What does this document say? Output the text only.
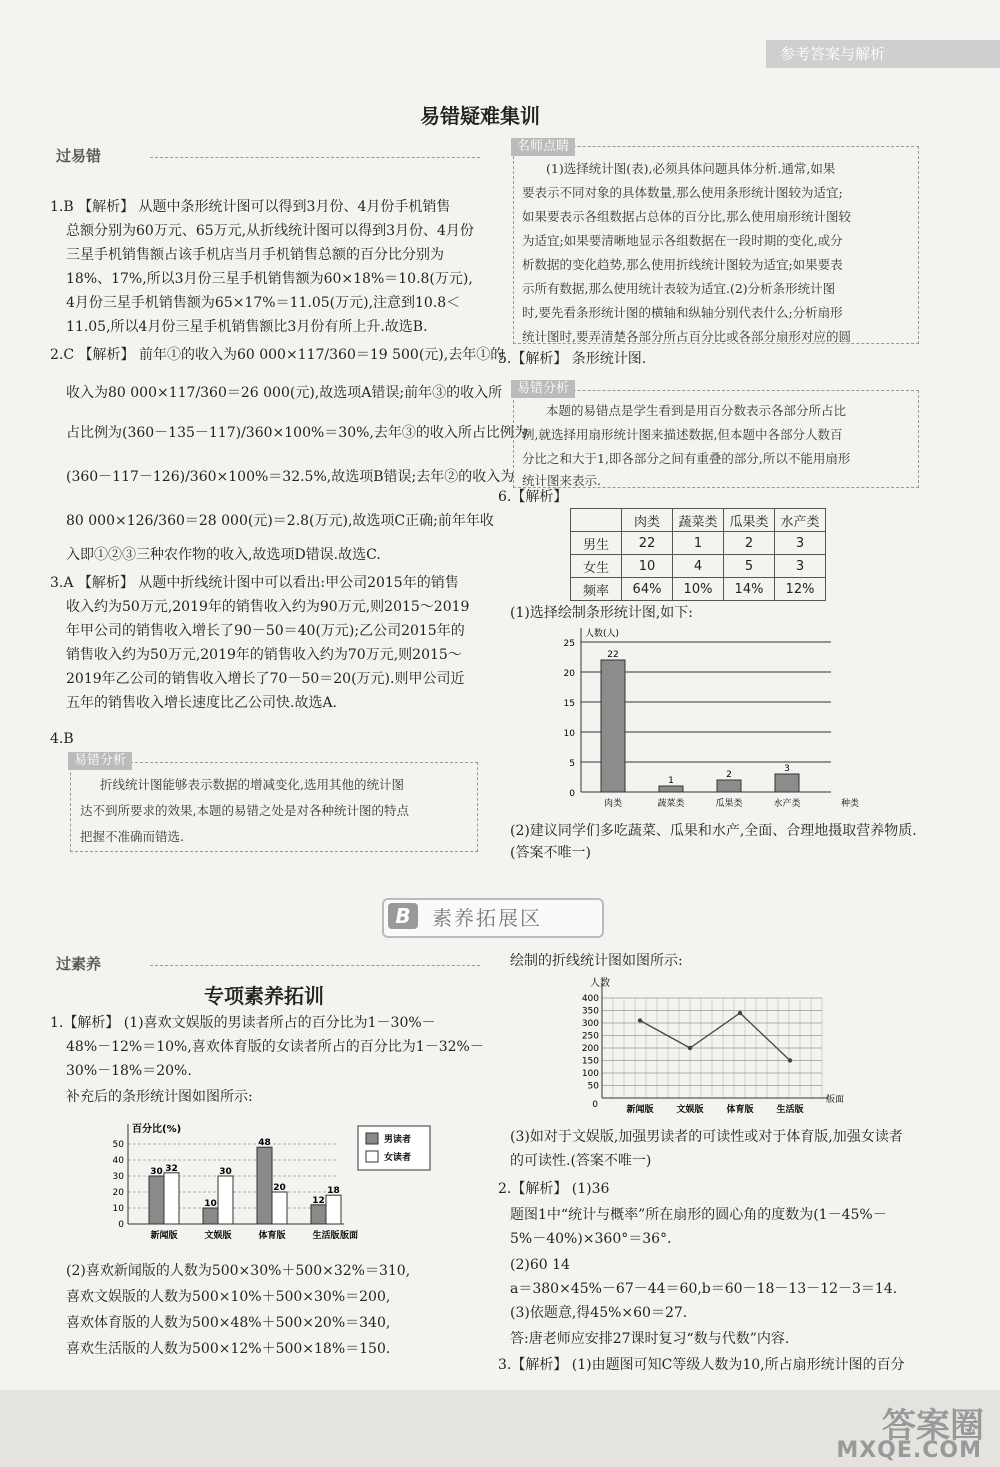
参考答案与解析
易错疑难集训
过易错
1.B 【解析】 从题中条形统计图可以得到3月份、4月份手机销售
总额分别为60万元、65万元,从折线统计图可以得到3月份、4月份
三星手机销售额占该手机店当月手机销售总额的百分比分别为
18%、17%,所以3月份三星手机销售额为60×18%＝10.8(万元),
4月份三星手机销售额为65×17%＝11.05(万元),注意到10.8＜
11.05,所以4月份三星手机销售额比3月份有所上升.故选B.
2.C 【解析】 前年①的收入为60 000×117/360＝19 500(元),去年①的
收入为80 000×117/360＝26 000(元),故选项A错误;前年③的收入所
占比例为(360－135－117)/360×100%＝30%,去年③的收入所占比例为
(360－117－126)/360×100%＝32.5%,故选项B错误;去年②的收入为
80 000×126/360＝28 000(元)＝2.8(万元),故选项C正确;前年年收
入即①②③三种农作物的收入,故选项D错误.故选C.
3.A 【解析】 从题中折线统计图中可以看出:甲公司2015年的销售
收入约为50万元,2019年的销售收入约为90万元,则2015～2019
年甲公司的销售收入增长了90－50＝40(万元);乙公司2015年的
销售收入约为50万元,2019年的销售收入约为70万元,则2015～
2019年乙公司的销售收入增长了70－50＝20(万元).则甲公司近
五年的销售收入增长速度比乙公司快.故选A.
4.B
易错分析
折线统计图能够表示数据的增减变化,选用其他的统计图
达不到所要求的效果,本题的易错之处是对各种统计图的特点
把握不准确而错选.
名师点睛
(1)选择统计图(表),必须具体问题具体分析.通常,如果
要表示不同对象的具体数量,那么使用条形统计图较为适宜;
如果要表示各组数据占总体的百分比,那么使用扇形统计图较
为适宜;如果要清晰地显示各组数据在一段时期的变化,或分
析数据的变化趋势,那么使用折线统计图较为适宜;如果要表
示所有数据,那么使用统计表较为适宜.(2)分析条形统计图
时,要先看条形统计图的横轴和纵轴分别代表什么;分析扇形
统计图时,要弄清楚各部分所占百分比或各部分扇形对应的圆
5.【解析】 条形统计图.
易错分析
本题的易错点是学生看到是用百分数表示各部分所占比
例,就选择用扇形统计图来描述数据,但本题中各部分人数百
分比之和大于1,即各部分之间有重叠的部分,所以不能用扇形
统计图来表示.
6.【解析】
	肉类	蔬菜类	瓜果类	水产类
男生	22	1	2	3
女生	10	4	5	3
频率	64%	10%	14%	12%
(1)选择绘制条形统计图,如下:
0
5
10
15
20
25
人数(人)
种类
22
肉类
1
蔬菜类
2
瓜果类
3
水产类
(2)建议同学们多吃蔬菜、瓜果和水产,全面、合理地摄取营养物质.
(答案不唯一)
B	素养拓展区
过素养
专项素养拓训
1.【解析】 (1)喜欢文娱版的男读者所占的百分比为1－30%－
48%－12%＝10%,喜欢体育版的女读者所占的百分比为1－32%－
30%－18%＝20%.
补充后的条形统计图如图所示:
0
10
20
30
40
50
百分比(%)
版面
30 32
新闻版
10
30
文娱版
48
20
体育版
12
18
生活版
男读者
女读者
(2)喜欢新闻版的人数为500×30%＋500×32%＝310,
喜欢文娱版的人数为500×10%＋500×30%＝200,
喜欢体育版的人数为500×48%＋500×20%＝340,
喜欢生活版的人数为500×12%＋500×18%＝150.
绘制的折线统计图如图所示:
50
100
150
200
250
300
350
400
0
人数
版面
新闻版	文娱版	体育版	生活版
(3)如对于文娱版,加强男读者的可读性或对于体育版,加强女读者
的可读性.(答案不唯一)
2.【解析】 (1)36
题图1中“统计与概率”所在扇形的圆心角的度数为(1－45%－
5%－40%)×360°＝36°.
(2)60 14
a＝380×45%－67－44＝60,b＝60－18－13－12－3＝14.
(3)依题意,得45%×60＝27.
答:唐老师应安排27课时复习“数与代数”内容.
3.【解析】 (1)由题图可知C等级人数为10,所占扇形统计图的百分
答案圈
MXQE.COM
